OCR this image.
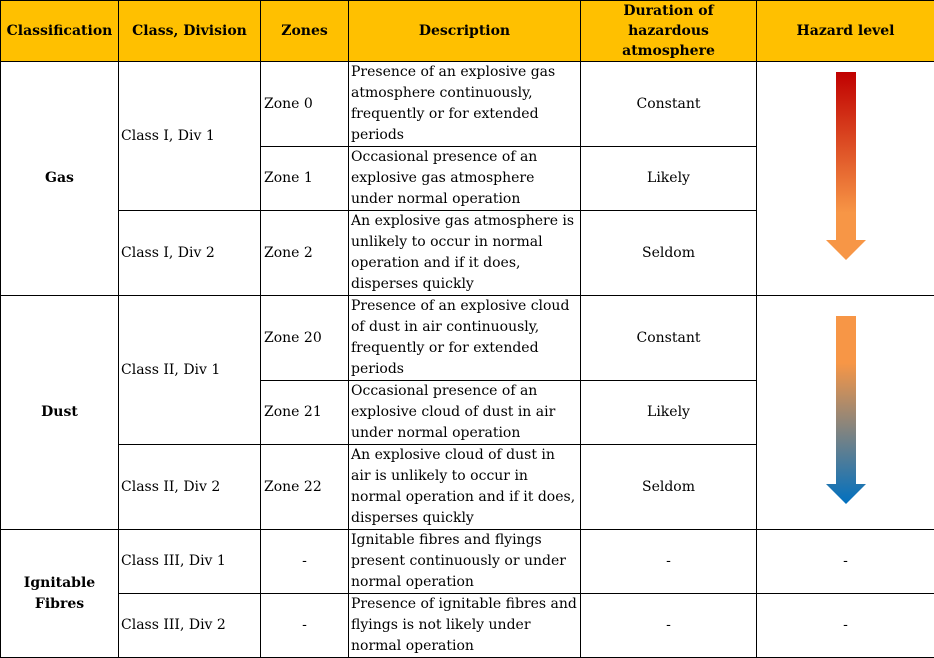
Classification	Class, Division	Zones	Description	Duration of hazardous atmosphere	Hazard level
Gas	Class I, Div 1	Zone 0	Presence of an explosive gas atmosphere continuously, frequently or for extended periods	Constant	

		Zone 1	Occasional presence of an explosive gas atmosphere under normal operation	Likely	
	Class I, Div 2	Zone 2	An explosive gas atmosphere is unlikely to occur in normal operation and if it does, disperses quickly	Seldom	
Dust	Class II, Div 1	Zone 20	Presence of an explosive cloud of dust in air continuously, frequently or for extended periods	Constant	

		Zone 21	Occasional presence of an explosive cloud of dust in air under normal operation	Likely	
	Class II, Div 2	Zone 22	An explosive cloud of dust in air is unlikely to occur in normal operation and if it does, disperses quickly	Seldom	
Ignitable Fibres	Class III, Div 1	-	Ignitable fibres and flyings present continuously or under normal operation	-	-
	Class III, Div 2	-	Presence of ignitable fibres and flyings is not likely under normal operation	-	-
